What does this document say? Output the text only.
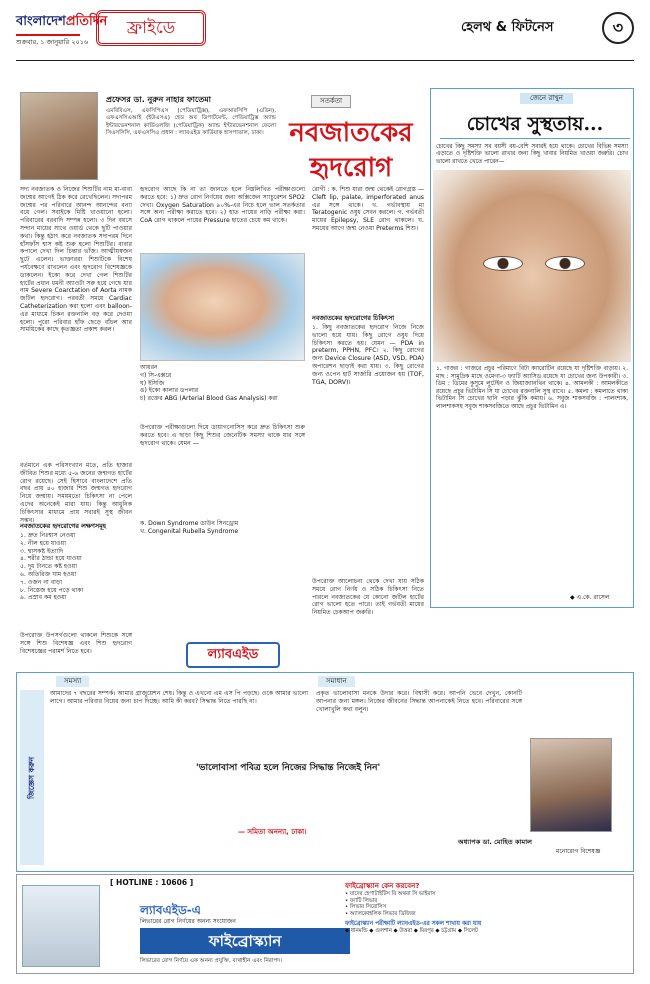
বাংলাদেশপ্রতিদিন
শুক্রবার, ১ জানুয়ারি ২০১৬
ফ্রাইডে	হেলথ & ফিটনেস	৩
প্রফেসর ডা. নুরুন নাহার ফাতেমা
এমবিবিএস, এফসিপিএস (পেডিয়াট্রিক্স), এফআরসিপি (এডিন), এফএসসিএআই (ইউএসএ) হেড অব ডিপার্টমেন্ট, পেডিয়াট্রিক্স অ্যান্ড ইন্টারভেনশনাল কার্ডিওলজি (পেডিয়াট্রিক) অ্যান্ড ইন্টারভেনশনাল ফেলো সিএসসিসি, এফএসসিএ প্রধান : ল্যাবএইড কার্ডিয়াক হাসপাতাল, ঢাকা।
সতর্কতা
নবজাতকের
হৃদরোগ
সদ্য নবজাতক ও নিজের শিশুটির নাম মা-বাবা জন্মের আগেই ঠিক করে রেখেছিলেন। সদাপরম জন্মের পর পরিবারে আনন্দ আনন্দের বন্যা বয়ে গেল। সবাইকে মিষ্টি খাওয়ানো হলো। পরিবারের বরবাদি সম্পন্ন হলো। ৩ দিন বয়সে সন্দান মায়ের সাথে ওয়ার্ড থেকে ছুটি পাওয়ার কথা। কিন্তু হঠাৎ করে নবজাতক সদাপরম দিনে হাঁসফাঁস শ্বাস কষ্ট শুরু হলো শিশুটির। বাবার কপালে দেখা দিল চিন্তার ভাঁজ। আত্মীয়স্বজন ছুটে এলেন। ভাক্তাররা শিশুটিকে বিশেষ পর্যবেক্ষণে রাখলেন এবং হৃদরোগ বিশেষজ্ঞকে ডাকলেন। ইকো করে দেখা গেল শিশুটির হার্টের প্রধান ধমনী অ্যাওর্টা সরু হয়ে গেছে যার নাম Severe Coarctation of Aorta নামক জটিল হৃদরোগ। পরবর্তী সময়ে Cardiac Catheterization করা হলো এবং balloon-এর মাধ্যমে চিকন রক্তনালি বড় করে দেওয়া হলো। পুরো পরিবার হাঁফ ছেড়ে বাঁচল আর সাময়িকের কাছে কৃতজ্ঞতা প্রকাশ করল।
বর্তমানে এক পরিসংখ্যান মতে, প্রতি হাজার জীবিত শিশুর মধ্যে ৫-৬ জনের জন্মগত হার্টের রোগ রয়েছে। সেই হিসাবে বাংলাদেশে প্রতি বছর প্রায় ৪০ হাজার শিশু জন্মগত হৃদরোগ নিয়ে জন্মায়। সময়মতো চিকিৎসা না পেলে এদের অনেকেই মারা যায়। কিন্তু আধুনিক চিকিৎসার মাধ্যমে প্রায় সবারই সুস্থ জীবন সম্ভব।
নবজাতকের হৃদরোগের লক্ষণসমূহ
১. দ্রুত নিঃশ্বাস নেওয়া
২. নীল হয়ে যাওয়া
৩. শ্বাসকষ্ট ইত্যাদি
৪. শরীর ঠান্ডা হয়ে যাওয়া
৫. দুধ টানতে কষ্ট হওয়া
৬. অতিরিক্ত ঘাম হওয়া
৭. ওজন না বাড়া
৮. নিস্তেজ হয়ে পড়ে থাকা
৯. প্রস্রাব কম হওয়া
উপরোক্ত উপসর্গগুলো থাকলে শিশুকে সঙ্গে সঙ্গে শিশু বিশেষজ্ঞ এবং শিশু হৃদরোগ বিশেষজ্ঞের পরামর্শ নিতে হবে।
হৃদরোগ আছে কি না তা জানতে হলে নিম্নলিখিত পরীক্ষাগুলো করতে হবে: ১) দ্রুত রোগ নির্ণয়ের জন্য অক্সিজেন স্যাচুরেশন SPO2 দেখা। Oxygen Saturation ৯০%-এর নিচে হলে ভাল সতর্কতার সঙ্গে অন্য পরীক্ষা করাতে হবে। ২) হাত পায়ের নাড়ি পরীক্ষা করা। CoA রোগ থাকলে পায়ের Pressure হাতের চেয়ে কম থাকে।
আয়রন
গ) সি-এক্সরে
ঘ) ইসিজি
ঙ) ইকো কালার ডপলার
চ) রক্তের ABG (Arterial Blood Gas Analysis) করা
উপরোক্ত পরীক্ষাগুলো দিয়ে ডায়াগনোসিস করে দ্রুত চিকিৎসা শুরু করতে হবে। এ ছাড়া কিছু শিশুর জেনেটিক সমস্যা থাকে যার সঙ্গে হৃদরোগ থাকে। যেমন —
ক. Down Syndrome ডাউন সিনড্রোম
খ. Congenital Rubella Syndrome
রোগী : ক. শিশু যারা জন্ম থেকেই রোগগ্রস্ত — Cleft lip, palate, imperforated anus এর সঙ্গে থাকে। খ. গর্ভাবস্থায় মা Teratogenic ওষুধ সেবন করলে। গ. গর্ভবতী মায়ের Epilepsy, SLE রোগ থাকলে। ঘ. সময়ের আগে জন্ম নেওয়া Preterms শিশু।
নবজাতকের হৃদরোগের চিকিৎসা
১. কিছু নবজাতকের হৃদরোগ নিজে নিজে ভালো হয়ে যায়। কিছু রোগে ওষুধ দিয়ে চিকিৎসা করতে হয়। যেমন — PDA in preterm, PPHN, PFC। ২. কিছু রোগের জন্য Device Closure (ASD, VSD, PDA) অপারেশন ছাড়াই করা যায়। ৩. কিছু রোগের জন্য ওপেন হার্ট সার্জারি প্রয়োজন হয় (TOF, TGA, DORV)।
উপরোক্ত আলোচনা থেকে দেখা যায় সঠিক সময়ে রোগ নির্ণয় ও সঠিক চিকিৎসা নিতে পারলে নবজাতকের যে কোনো জটিল হার্টের রোগ ভালো হতে পারে। তাই গর্ভবতী মায়ের নিয়মিত চেকআপ জরুরি।
ল্যাবএইড
জেনে রাখুন
চোখের সুস্থতায়...
চোখের কিছু সমস্যা সব বয়সী বয়-বেশি সবারই হয়ে থাকে। চোখের বিভিন্ন সমস্যা এড়াতে ও দৃষ্টিশক্তি ভালো রাখার জন্য কিছু খাবার নিয়মিত খাওয়া জরুরি। চোখ ভালো রাখতে খেতে পারেন—
১. গাজর : গাজরে প্রচুর পরিমাণে বিটা ক্যারোটিন রয়েছে যা দৃষ্টিশক্তি বাড়ায়। ২. মাছ : সামুদ্রিক মাছে ওমেগা-৩ ফ্যাটি অ্যাসিড রয়েছে যা চোখের জন্য উপকারী। ৩. ডিম : ডিমের কুসুমে লুটেইন ও জিয়াজ্যানথিন থাকে। ৪. আমলকী : আমলকীতে রয়েছে প্রচুর ভিটামিন সি যা চোখের রক্তনালি সুস্থ রাখে। ৫. কমলা : কমলাতে থাকা ভিটামিন সি চোখের ছানি পড়ার ঝুঁকি কমায়। ৬. সবুজ শাকসবজি : পালংশাক, লালশাকসহ সবুজ শাকসবজিতে আছে প্রচুর ভিটামিন এ।
◆ এ.কে. রাসেল
জিজ্ঞেস করুন
সমস্যা
আমাদের ৭ বছরের সম্পর্ক। আমার গ্রাজুয়েশন শেষ। কিন্তু ও এখনো এম এস পি পড়ছে। ওকে আমার ভালো লাগে। আমার পরিবার বিয়ের জন্য চাপ দিচ্ছে। আমি কী করব? সিদ্ধান্ত নিতে পারছি না।
সমাধান
প্রকৃত ভালোবাসা মনকে উদার করে। বিশ্বাসী করে। আপনি ভেবে দেখুন, কোনটি আপনার জন্য মঙ্গল। নিজের জীবনের সিদ্ধান্ত আপনাকেই নিতে হবে। পরিবারের সঙ্গে খোলাখুলি কথা বলুন।
'ভালোবাসা পবিত্র হলে নিজের সিদ্ধান্ত নিজেই নিন'
— সমিতা অনন্যা, ঢাকা।
অধ্যাপক ডা. মোহিত কামাল
মনোরোগ বিশেষজ্ঞ
[ HOTLINE : 10606 ]
ল্যাবএইড-এ
লিভারের রোগ নির্ণয়ের অনন্য সংযোজন
ফাইব্রোস্ক্যান
লিভারের রোগ নির্ণয়ে এক অনন্য প্রযুক্তি, ব্যথাহীন এবং নিরাপদ।
ফাইব্রোস্ক্যান কেন করবেন?
• যাদের হেপাটাইটিস বি অথবা সি ভাইরাস
• ফ্যাটি লিভার
• লিভার সিরোসিস
• অ্যালকোহলিক লিভার ডিজিজ
ফাইব্রোস্ক্যান পরীক্ষাটি ল্যাবএইড-এর সকল শাখায় করা যায়
◆ ধানমন্ডি ◆ গুলশান ◆ উত্তরা ◆ মিরপুর ◆ চট্টগ্রাম ◆ সিলেট
